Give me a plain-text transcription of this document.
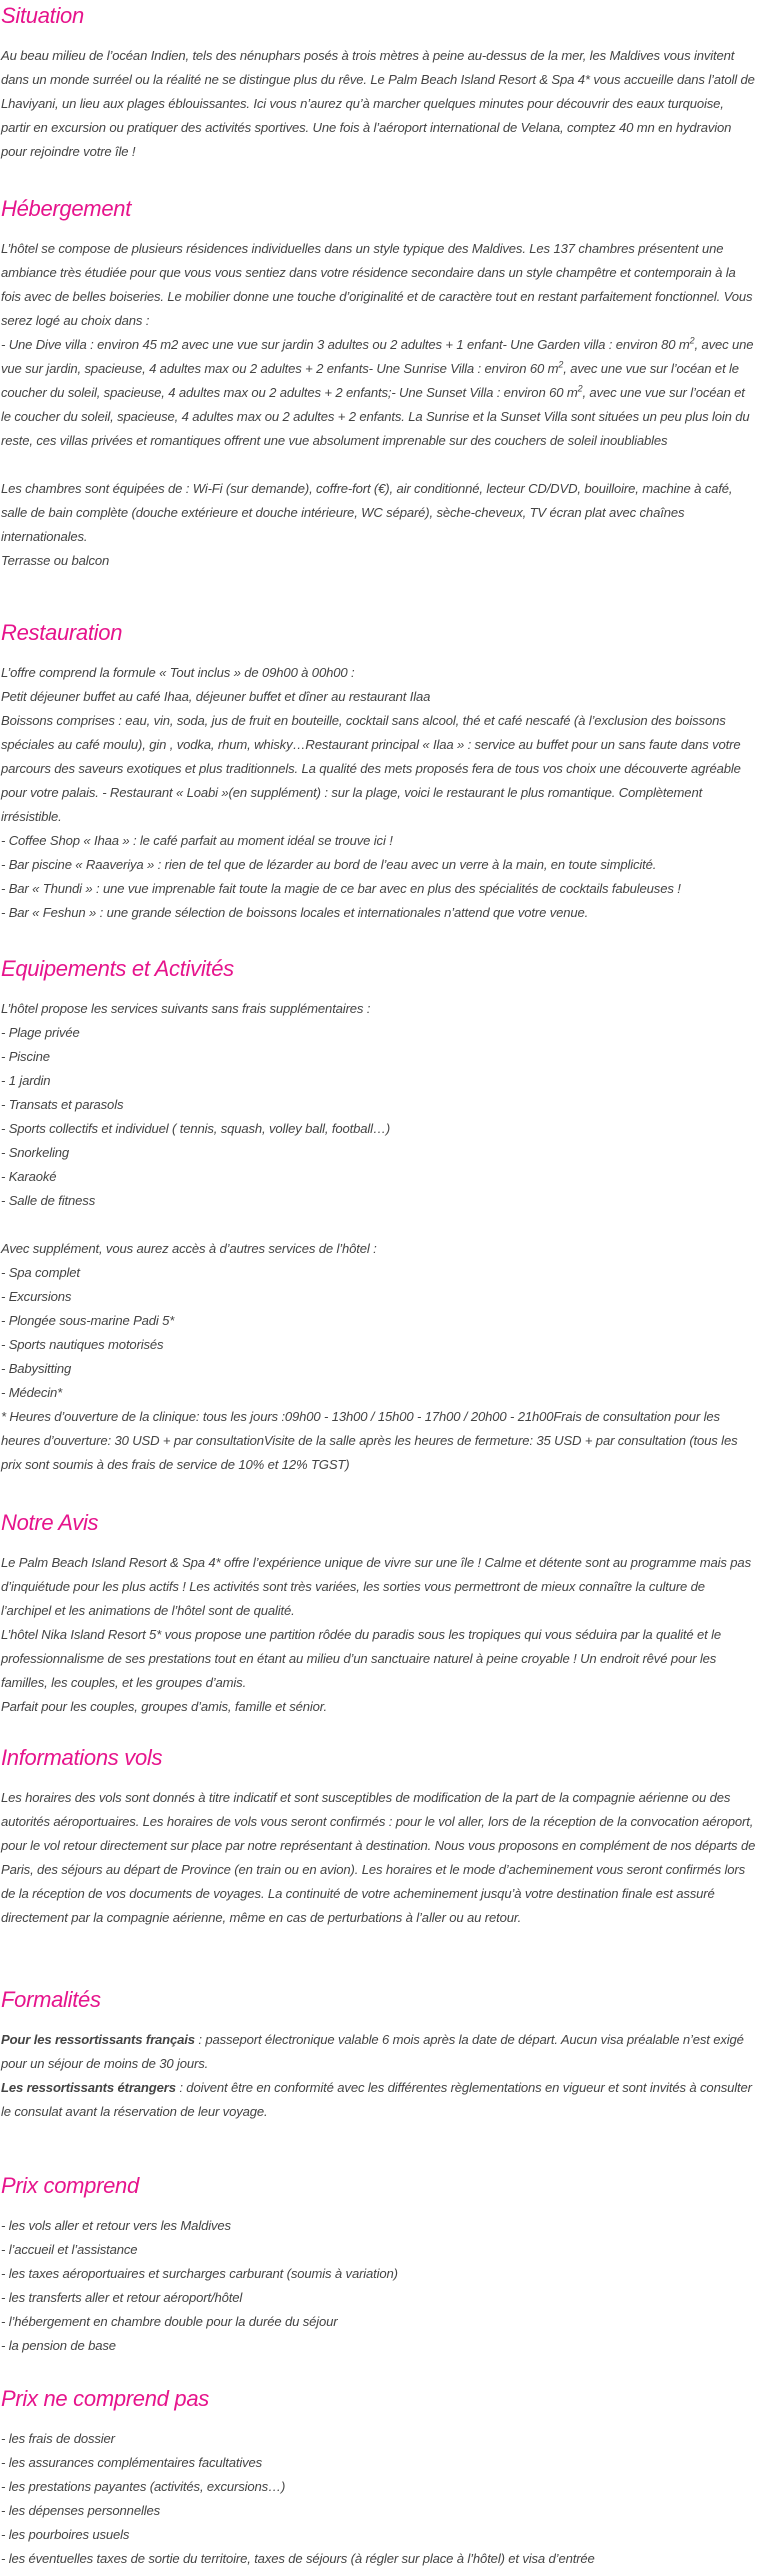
Situation

Au beau milieu de l’océan Indien, tels des nénuphars posés à trois mètres à peine au-dessus de la mer, les Maldives vous invitent dans un monde surréel ou la réalité ne se distingue plus du rêve. Le Palm Beach Island Resort & Spa 4* vous accueille dans l’atoll de Lhaviyani, un lieu aux plages éblouissantes. Ici vous n’aurez qu’à marcher quelques minutes pour découvrir des eaux turquoise, partir en excursion ou pratiquer des activités sportives. Une fois à l’aéroport international de Velana, comptez 40 mn en hydravion pour rejoindre votre île !

Hébergement

L’hôtel se compose de plusieurs résidences individuelles dans un style typique des Maldives. Les 137 chambres présentent une ambiance très étudiée pour que vous vous sentiez dans votre résidence secondaire dans un style champêtre et contemporain à la fois avec de belles boiseries. Le mobilier donne une touche d’originalité et de caractère tout en restant parfaitement fonctionnel. Vous serez logé au choix dans :
- Une Dive villa : environ 45 m2 avec une vue sur jardin 3 adultes ou 2 adultes + 1 enfant- Une Garden villa : environ 80 $m^2$, avec une vue sur jardin, spacieuse, 4 adultes max ou 2 adultes + 2 enfants- Une Sunrise Villa : environ 60 $m^2$, avec une vue sur l’océan et le coucher du soleil, spacieuse, 4 adultes max ou 2 adultes + 2 enfants;- Une Sunset Villa : environ 60 $m^2$, avec une vue sur l’océan et le coucher du soleil, spacieuse, 4 adultes max ou 2 adultes + 2 enfants. La Sunrise et la Sunset Villa sont situées un peu plus loin du reste, ces villas privées et romantiques offrent une vue absolument imprenable sur des couchers de soleil inoubliables
Les chambres sont équipées de : Wi-Fi (sur demande), coffre-fort (€), air conditionné, lecteur CD/DVD, bouilloire, machine à café, salle de bain complète (douche extérieure et douche intérieure, WC séparé), sèche-cheveux, TV écran plat avec chaînes internationales.
Terrasse ou balcon

Restauration

L’offre comprend la formule « Tout inclus » de 09h00 à 00h00 :
Petit déjeuner buffet au café Ihaa, déjeuner buffet et dîner au restaurant Ilaa
Boissons comprises : eau, vin, soda, jus de fruit en bouteille, cocktail sans alcool, thé et café nescafé (à l’exclusion des boissons spéciales au café moulu), gin , vodka, rhum, whisky…Restaurant principal « Ilaa » : service au buffet pour un sans faute dans votre parcours des saveurs exotiques et plus traditionnels. La qualité des mets proposés fera de tous vos choix une découverte agréable pour votre palais. - Restaurant « Loabi »(en supplément) : sur la plage, voici le restaurant le plus romantique. Complètement irrésistible.
- Coffee Shop « Ihaa » : le café parfait au moment idéal se trouve ici !
- Bar piscine « Raaveriya » : rien de tel que de lézarder au bord de l’eau avec un verre à la main, en toute simplicité.
- Bar « Thundi » : une vue imprenable fait toute la magie de ce bar avec en plus des spécialités de cocktails fabuleuses !
- Bar « Feshun » : une grande sélection de boissons locales et internationales n’attend que votre venue.

Equipements et Activités

L’hôtel propose les services suivants sans frais supplémentaires :
- Plage privée
- Piscine
- 1 jardin
- Transats et parasols
- Sports collectifs et individuel ( tennis, squash, volley ball, football…)
- Snorkeling
- Karaoké
- Salle de fitness
Avec supplément, vous aurez accès à d’autres services de l’hôtel :
- Spa complet
- Excursions
- Plongée sous-marine Padi 5*
- Sports nautiques motorisés
- Babysitting
- Médecin*
* Heures d’ouverture de la clinique: tous les jours :09h00 - 13h00 / 15h00 - 17h00 / 20h00 - 21h00Frais de consultation pour les heures d’ouverture: 30 USD + par consultationVisite de la salle après les heures de fermeture: 35 USD + par consultation (tous les prix sont soumis à des frais de service de 10% et 12% TGST)

Notre Avis

Le Palm Beach Island Resort & Spa 4* offre l’expérience unique de vivre sur une île ! Calme et détente sont au programme mais pas d’inquiétude pour les plus actifs ! Les activités sont très variées, les sorties vous permettront de mieux connaître la culture de l’archipel et les animations de l’hôtel sont de qualité.
L’hôtel Nika Island Resort 5* vous propose une partition rôdée du paradis sous les tropiques qui vous séduira par la qualité et le professionnalisme de ses prestations tout en étant au milieu d’un sanctuaire naturel à peine croyable ! Un endroit rêvé pour les familles, les couples, et les groupes d’amis.
Parfait pour les couples, groupes d’amis, famille et sénior.

Informations vols

Les horaires des vols sont donnés à titre indicatif et sont susceptibles de modification de la part de la compagnie aérienne ou des autorités aéroportuaires. Les horaires de vols vous seront confirmés : pour le vol aller, lors de la réception de la convocation aéroport, pour le vol retour directement sur place par notre représentant à destination. Nous vous proposons en complément de nos départs de Paris, des séjours au départ de Province (en train ou en avion). Les horaires et le mode d’acheminement vous seront confirmés lors de la réception de vos documents de voyages. La continuité de votre acheminement jusqu’à votre destination finale est assuré directement par la compagnie aérienne, même en cas de perturbations à l’aller ou au retour.

Formalités

Pour les ressortissants français : passeport électronique valable 6 mois après la date de départ. Aucun visa préalable n’est exigé pour un séjour de moins de 30 jours.
Les ressortissants étrangers : doivent être en conformité avec les différentes règlementations en vigueur et sont invités à consulter le consulat avant la réservation de leur voyage.

Prix comprend

- les vols aller et retour vers les Maldives
- l’accueil et l’assistance
- les taxes aéroportuaires et surcharges carburant (soumis à variation)
- les transferts aller et retour aéroport/hôtel
- l’hébergement en chambre double pour la durée du séjour
- la pension de base

Prix ne comprend pas

- les frais de dossier
- les assurances complémentaires facultatives
- les prestations payantes (activités, excursions…)
- les dépenses personnelles
- les pourboires usuels
- les éventuelles taxes de sortie du territoire, taxes de séjours (à régler sur place à l’hôtel) et visa d’entrée
